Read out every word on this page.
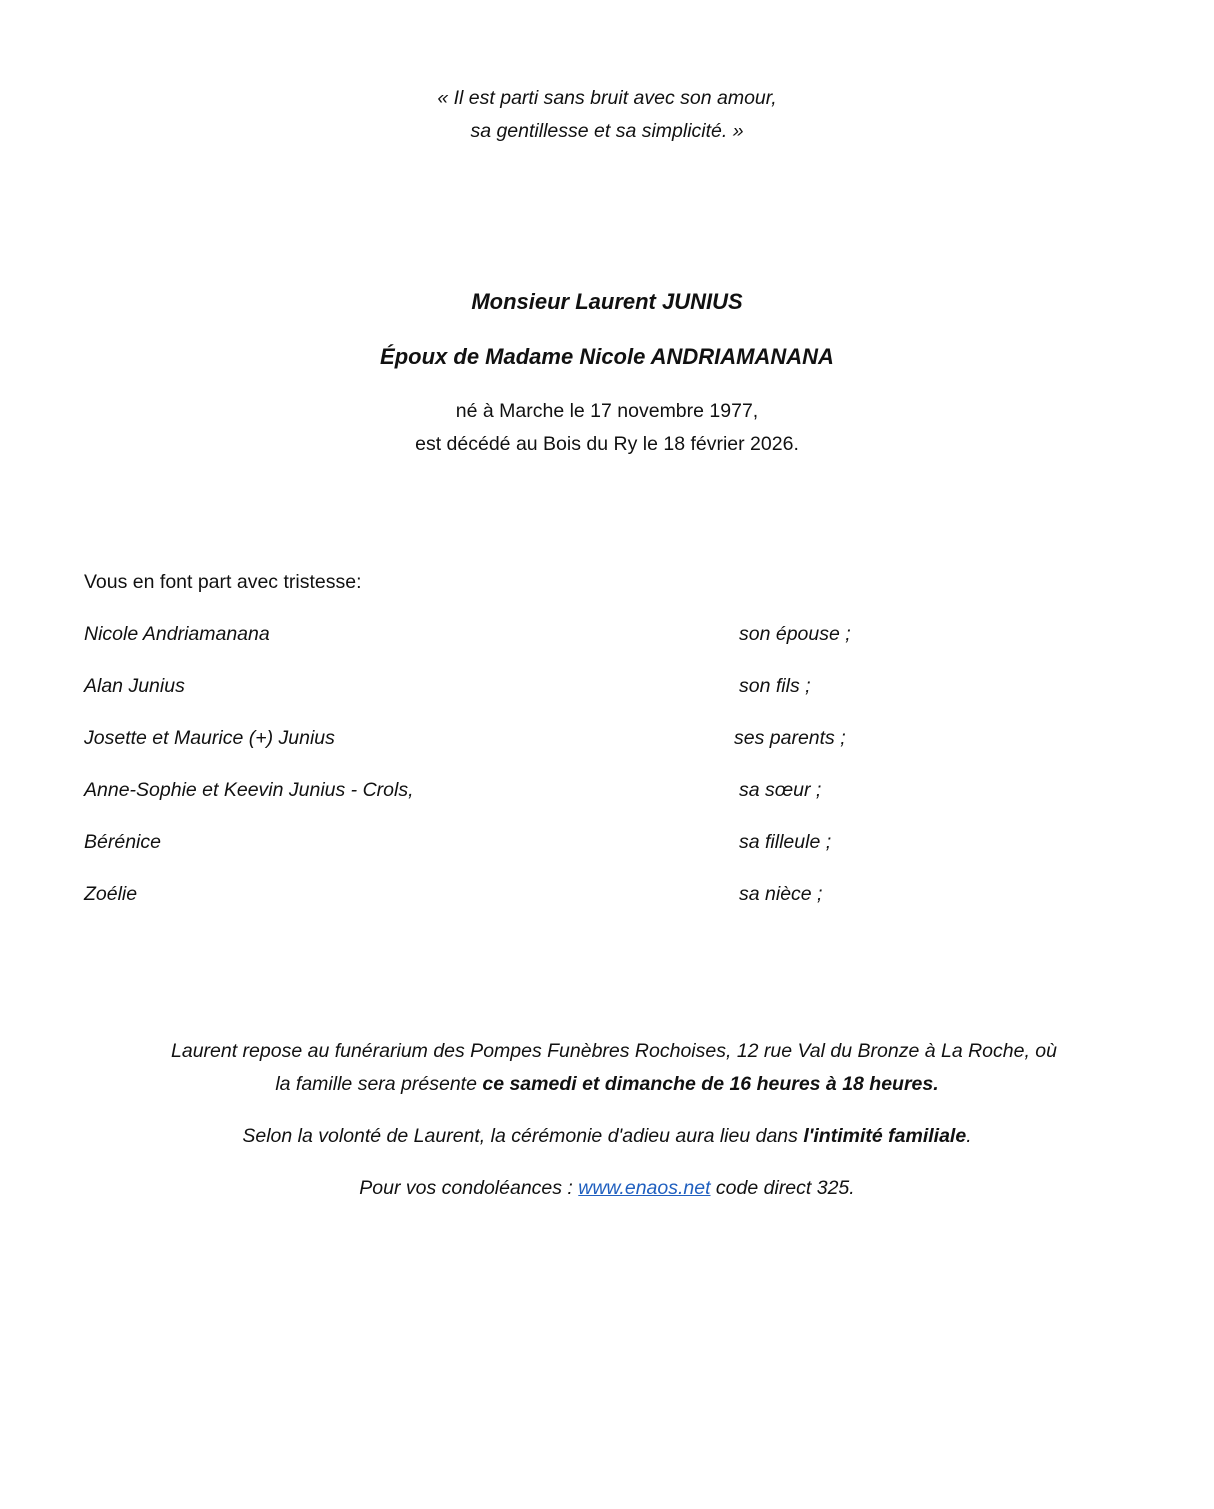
« Il est parti sans bruit avec son amour,
sa gentillesse et sa simplicité. »
Monsieur Laurent JUNIUS
Époux de Madame Nicole ANDRIAMANANA
né à Marche le 17 novembre 1977,
est décédé au Bois du Ry le 18 février 2026.
Vous en font part avec tristesse:
Nicole Andriamanana	son épouse ;
Alan Junius	son fils ;
Josette et Maurice (+) Junius	ses parents ;
Anne-Sophie et Keevin Junius - Crols,	sa sœur ;
Bérénice	sa filleule ;
Zoélie	sa nièce ;
Laurent repose au funérarium des Pompes Funèbres Rochoises, 12 rue Val du Bronze à La Roche, où
la famille sera présente ce samedi et dimanche de 16 heures à 18 heures.
Selon la volonté de Laurent, la cérémonie d'adieu aura lieu dans l'intimité familiale.
Pour vos condoléances : www.enaos.net code direct 325.
